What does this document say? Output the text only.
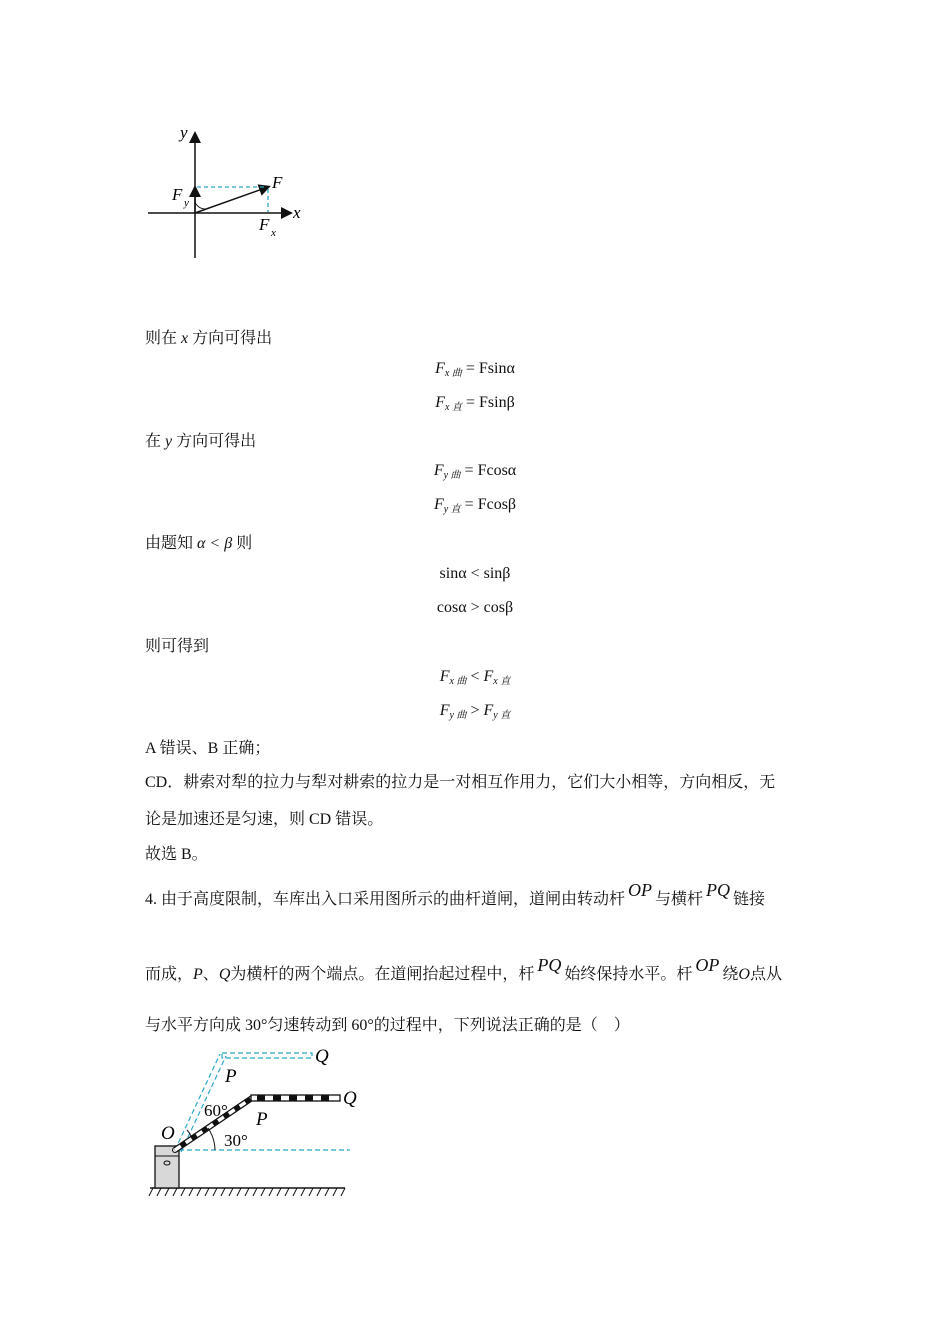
y
x
F
F y
F x
则在 x 方向可得出
$F_{x 曲} = Fsin\alpha$
$F_{x 直} = Fsin\beta$
在 y 方向可得出
$F_{y 曲} = Fcos\alpha$
$F_{y 直} = Fcos\beta$
由题知 α < β 则
sinα < sinβ
cosα > cosβ
则可得到
$F_{x 曲} < F_{x 直}$
$F_{y 曲} > F_{y 直}$
A 错误、B 正确；
CD．耕索对犁的拉力与犁对耕索的拉力是一对相互作用力，它们大小相等，方向相反，无
论是加速还是匀速，则 CD 错误。
故选 B。
4. 由于高度限制，车库出入口采用图所示的曲杆道闸，道闸由转动杆 OP 与横杆 PQ 链接
而成，P、Q为横杆的两个端点。在道闸抬起过程中，杆 PQ 始终保持水平。杆 OP 绕O点从
与水平方向成 30°匀速转动到 60°的过程中，下列说法正确的是（　）
O
P
Q
P
Q
60°
30°
